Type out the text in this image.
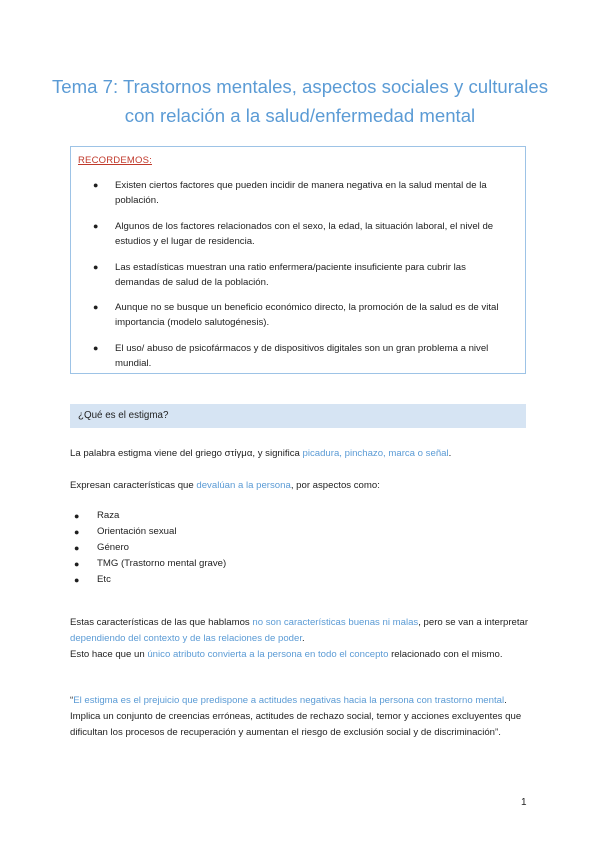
Tema 7: Trastornos mentales, aspectos sociales y culturales con relación a la salud/enfermedad mental
RECORDEMOS:
● Existen ciertos factores que pueden incidir de manera negativa en la salud mental de la población.
● Algunos de los factores relacionados con el sexo, la edad, la situación laboral, el nivel de estudios y el lugar de residencia.
● Las estadísticas muestran una ratio enfermera/paciente insuficiente para cubrir las demandas de salud de la población.
● Aunque no se busque un beneficio económico directo, la promoción de la salud es de vital importancia (modelo salutogénesis).
● El uso/ abuso de psicofármacos y de dispositivos digitales son un gran problema a nivel mundial.
¿Qué es el estigma?

La palabra estigma viene del griego στίγμα, y significa picadura, pinchazo, marca o señal.

Expresan características que devalúan a la persona, por aspectos como:

● Raza
● Orientación sexual
● Género
● TMG (Trastorno mental grave)
● Etc

Estas características de las que hablamos no son características buenas ni malas, pero se van a interpretar dependiendo del contexto y de las relaciones de poder.

Esto hace que un único atributo convierta a la persona en todo el concepto relacionado con el mismo.

“El estigma es el prejuicio que predispone a actitudes negativas hacia la persona con trastorno mental.
Implica un conjunto de creencias erróneas, actitudes de rechazo social, temor y acciones excluyentes que dificultan los procesos de recuperación y aumentan el riesgo de exclusión social y de discriminación”.

1
